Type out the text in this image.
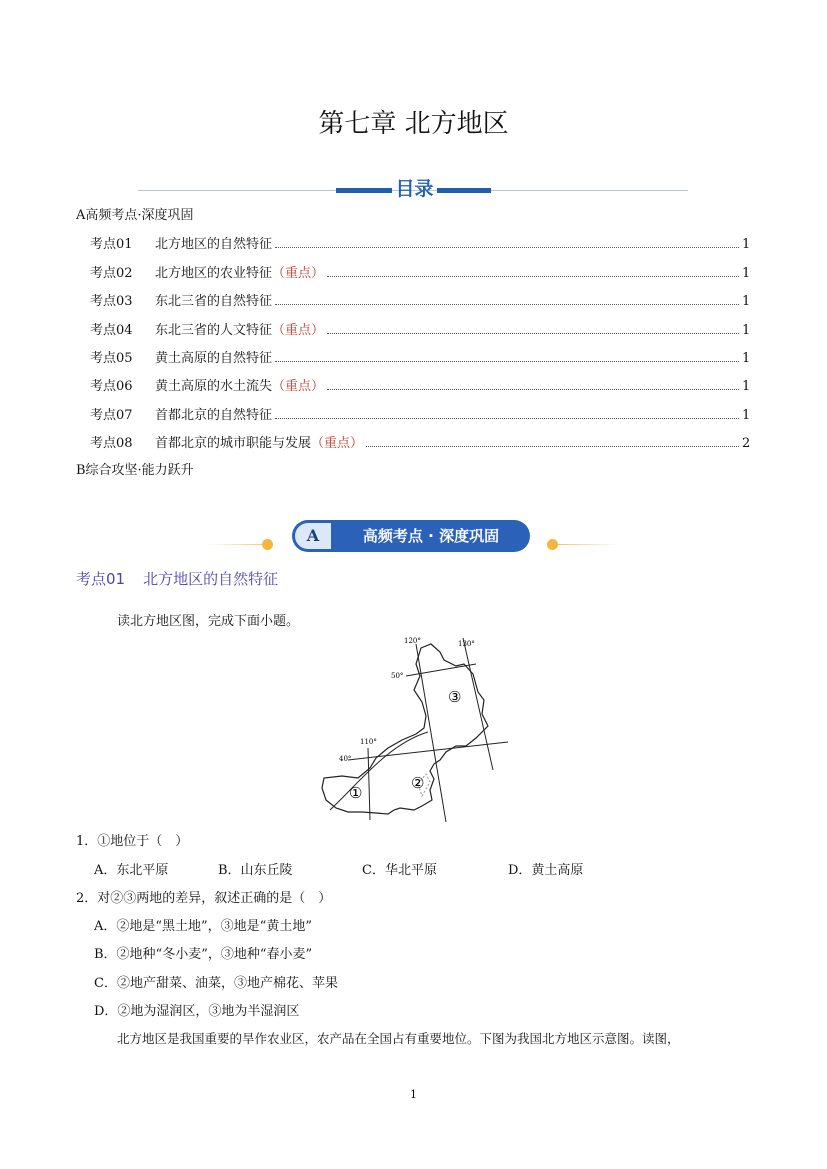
第七章 北方地区
目录
A高频考点·深度巩固
考点01	北方地区的自然特征	1
考点02	北方地区的农业特征 （重点）	1
考点03	东北三省的自然特征	1
考点04	东北三省的人文特征 （重点）	1
考点05	黄土高原的自然特征	1
考点06	黄土高原的水土流失 （重点）	1
考点07	首都北京的自然特征	1
考点08	首都北京的城市职能与发展 （重点）	2
B综合攻坚·能力跃升
A	高频考点 · 深度巩固
考点01 北方地区的自然特征
读北方地区图，完成下面小题。
120°	130°
50°
110°
40°
①
②
③
1．①地位于（　）
A．东北平原	B．山东丘陵	C．华北平原	D．黄土高原
2．对②③两地的差异，叙述正确的是（　）
A．②地是“黑土地”，③地是“黄土地”
B．②地种“冬小麦”，③地种“春小麦”
C．②地产甜菜、油菜，③地产棉花、苹果
D．②地为湿润区，③地为半湿润区
北方地区是我国重要的旱作农业区，农产品在全国占有重要地位。下图为我国北方地区示意图。读图，
1
